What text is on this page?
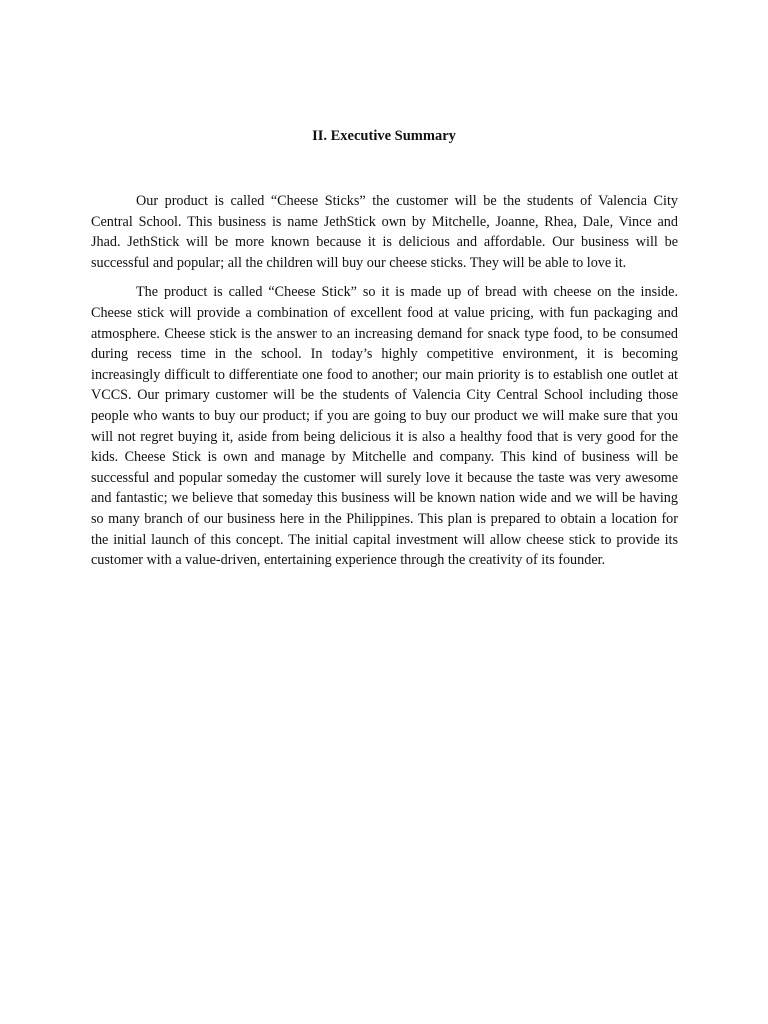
II. Executive Summary

Our product is called “Cheese Sticks” the customer will be the students of Valencia City Central School. This business is name JethStick own by Mitchelle, Joanne, Rhea, Dale, Vince and Jhad. JethStick will be more known because it is delicious and affordable. Our business will be successful and popular; all the children will buy our cheese sticks. They will be able to love it.

The product is called “Cheese Stick” so it is made up of bread with cheese on the inside. Cheese stick will provide a combination of excellent food at value pricing, with fun packaging and atmosphere. Cheese stick is the answer to an increasing demand for snack type food, to be consumed during recess time in the school. In today’s highly competitive environment, it is becoming increasingly difficult to differentiate one food to another; our main priority is to establish one outlet at VCCS. Our primary customer will be the students of Valencia City Central School including those people who wants to buy our product; if you are going to buy our product we will make sure that you will not regret buying it, aside from being delicious it is also a healthy food that is very good for the kids. Cheese Stick is own and manage by Mitchelle and company. This kind of business will be successful and popular someday the customer will surely love it because the taste was very awesome and fantastic; we believe that someday this business will be known nation wide and we will be having so many branch of our business here in the Philippines. This plan is prepared to obtain a location for the initial launch of this concept. The initial capital investment will allow cheese stick to provide its customer with a value-driven, entertaining experience through the creativity of its founder.
